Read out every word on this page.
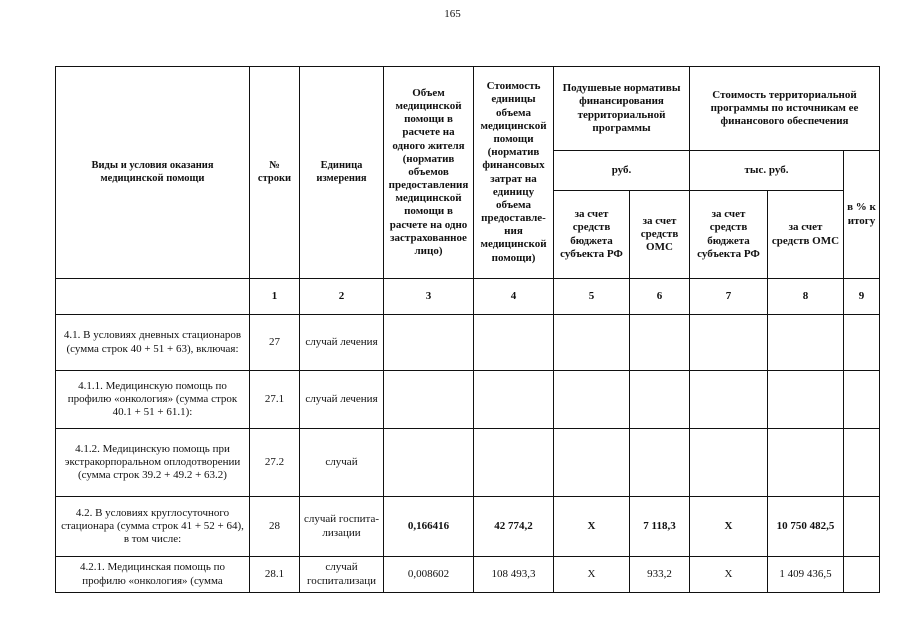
165
Виды и условия оказания медицинской помощи	№ строки	Единица измерения	Объем медицинской помощи в расчете на одного жителя (норматив объемов предоставления медицинской помощи в расчете на одно застрахованное лицо)	Стоимость единицы объема медицинской помощи (норматив финансовых затрат на единицу объема предоставле-ния медицинской помощи)	Подушевые нормативы финансирования территориальной программы		Стоимость территориальной программы по источникам ее финансового обеспечения		
					руб.		тыс. руб.		в % к итогу
					за счет средств бюджета субъекта РФ	за счет средств ОМС	за счет средств бюджета субъекта РФ	за счет средств ОМС	
	1	2	3	4	5	6	7	8	9
4.1. В условиях дневных стационаров (сумма строк 40 + 51 + 63), включая:	27	случай лечения							
4.1.1. Медицинскую помощь по профилю «онкология» (сумма строк 40.1 + 51 + 61.1):	27.1	случай лечения							
4.1.2. Медицинскую помощь при экстракорпоральном оплодотворении (сумма строк 39.2 + 49.2 + 63.2)	27.2	случай							
4.2. В условиях круглосуточного стационара (сумма строк 41 + 52 + 64), в том числе:	28	случай госпита-лизации	0,166416	42 774,2	Х	7 118,3	Х	10 750 482,5	
4.2.1. Медицинская помощь по профилю «онкология» (сумма	28.1	случай госпитализаци	0,008602	108 493,3	Х	933,2	Х	1 409 436,5	
